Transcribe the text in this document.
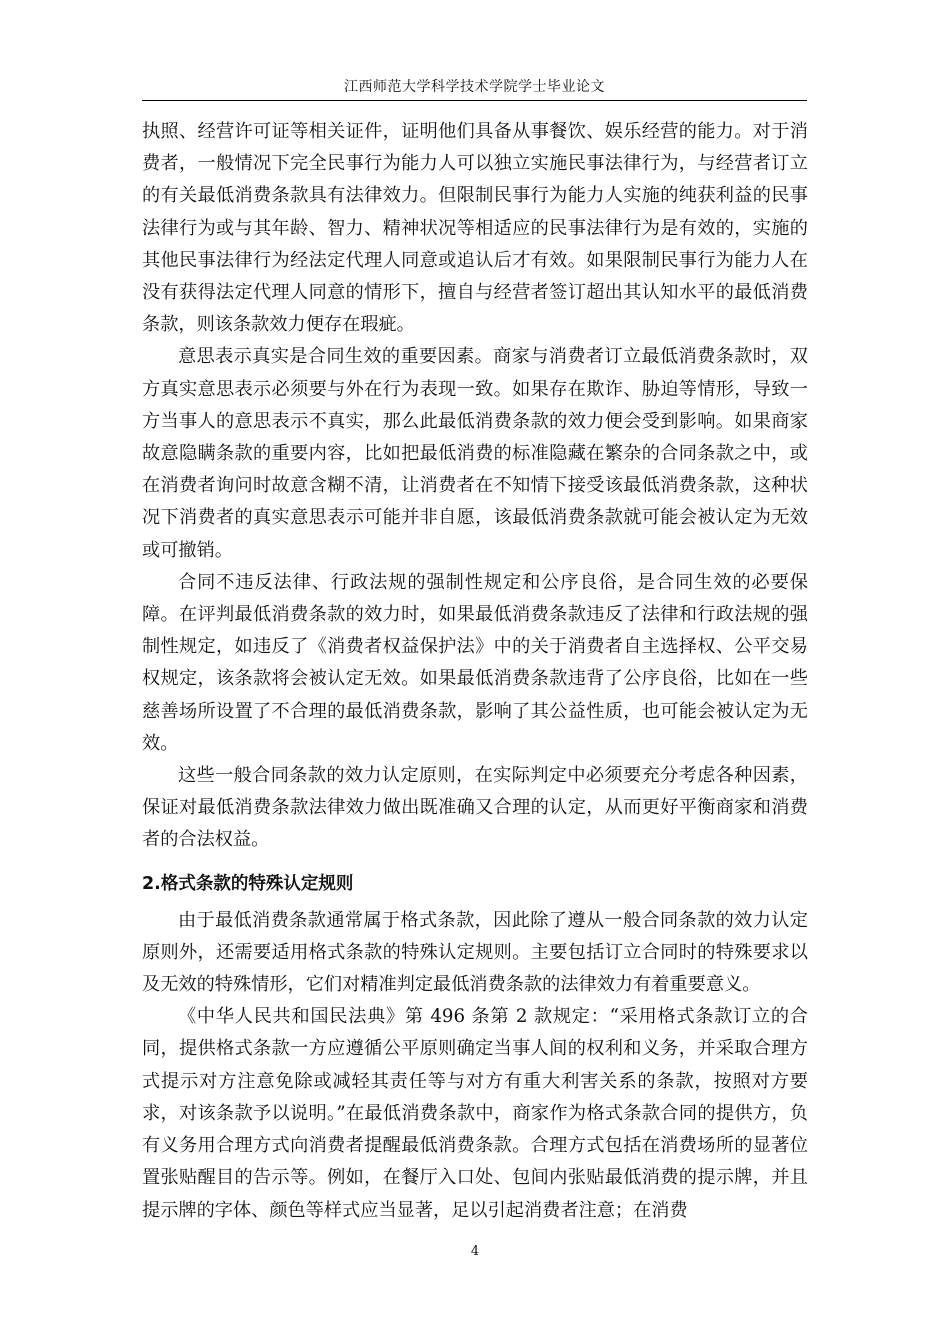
江西师范大学科学技术学院学士毕业论文

执照、经营许可证等相关证件，证明他们具备从事餐饮、娱乐经营的能力。对于消费者，一般情况下完全民事行为能力人可以独立实施民事法律行为，与经营者订立的有关最低消费条款具有法律效力。但限制民事行为能力人实施的纯获利益的民事法律行为或与其年龄、智力、精神状况等相适应的民事法律行为是有效的，实施的其他民事法律行为经法定代理人同意或追认后才有效。如果限制民事行为能力人在没有获得法定代理人同意的情形下，擅自与经营者签订超出其认知水平的最低消费条款，则该条款效力便存在瑕疵。

意思表示真实是合同生效的重要因素。商家与消费者订立最低消费条款时，双方真实意思表示必须要与外在行为表现一致。如果存在欺诈、胁迫等情形，导致一方当事人的意思表示不真实，那么此最低消费条款的效力便会受到影响。如果商家故意隐瞒条款的重要内容，比如把最低消费的标准隐藏在繁杂的合同条款之中，或在消费者询问时故意含糊不清，让消费者在不知情下接受该最低消费条款，这种状况下消费者的真实意思表示可能并非自愿，该最低消费条款就可能会被认定为无效或可撤销。

合同不违反法律、行政法规的强制性规定和公序良俗，是合同生效的必要保障。在评判最低消费条款的效力时，如果最低消费条款违反了法律和行政法规的强制性规定，如违反了《消费者权益保护法》中的关于消费者自主选择权、公平交易权规定，该条款将会被认定无效。如果最低消费条款违背了公序良俗，比如在一些慈善场所设置了不合理的最低消费条款，影响了其公益性质，也可能会被认定为无效。

这些一般合同条款的效力认定原则，在实际判定中必须要充分考虑各种因素，保证对最低消费条款法律效力做出既准确又合理的认定，从而更好平衡商家和消费者的合法权益。

2.格式条款的特殊认定规则

由于最低消费条款通常属于格式条款，因此除了遵从一般合同条款的效力认定原则外，还需要适用格式条款的特殊认定规则。主要包括订立合同时的特殊要求以及无效的特殊情形，它们对精准判定最低消费条款的法律效力有着重要意义。

《中华人民共和国民法典》第 496 条第 2 款规定：“采用格式条款订立的合同，提供格式条款一方应遵循公平原则确定当事人间的权利和义务，并采取合理方式提示对方注意免除或减轻其责任等与对方有重大利害关系的条款，按照对方要求，对该条款予以说明。”在最低消费条款中，商家作为格式条款合同的提供方，负有义务用合理方式向消费者提醒最低消费条款。合理方式包括在消费场所的显著位置张贴醒目的告示等。例如，在餐厅入口处、包间内张贴最低消费的提示牌，并且提示牌的字体、颜色等样式应当显著，足以引起消费者注意；在消费

4
